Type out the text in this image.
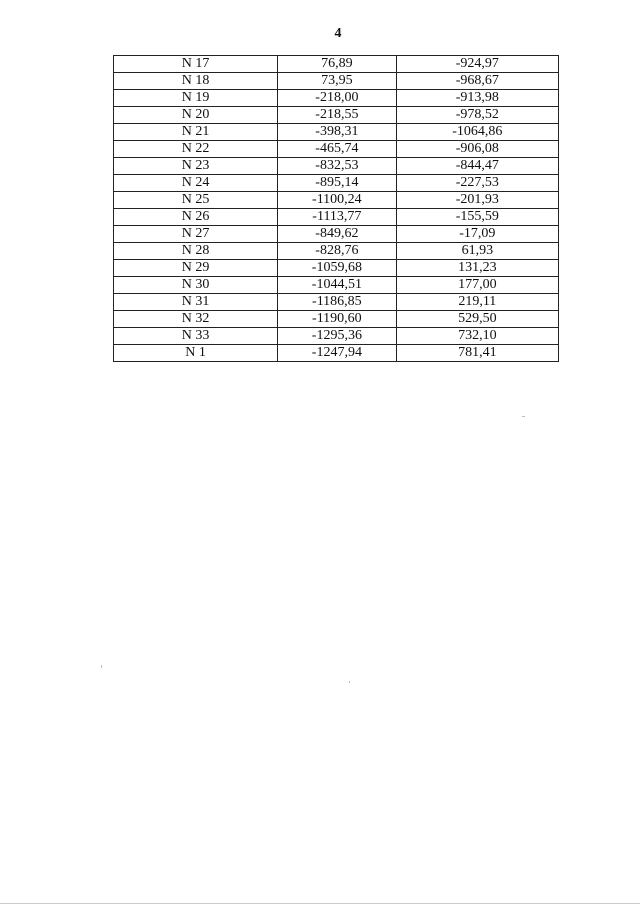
4
N 17	76,89	-924,97
N 18	73,95	-968,67
N 19	-218,00	-913,98
N 20	-218,55	-978,52
N 21	-398,31	-1064,86
N 22	-465,74	-906,08
N 23	-832,53	-844,47
N 24	-895,14	-227,53
N 25	-1100,24	-201,93
N 26	-1113,77	-155,59
N 27	-849,62	-17,09
N 28	-828,76	61,93
N 29	-1059,68	131,23
N 30	-1044,51	177,00
N 31	-1186,85	219,11
N 32	-1190,60	529,50
N 33	-1295,36	732,10
N 1	-1247,94	781,41
